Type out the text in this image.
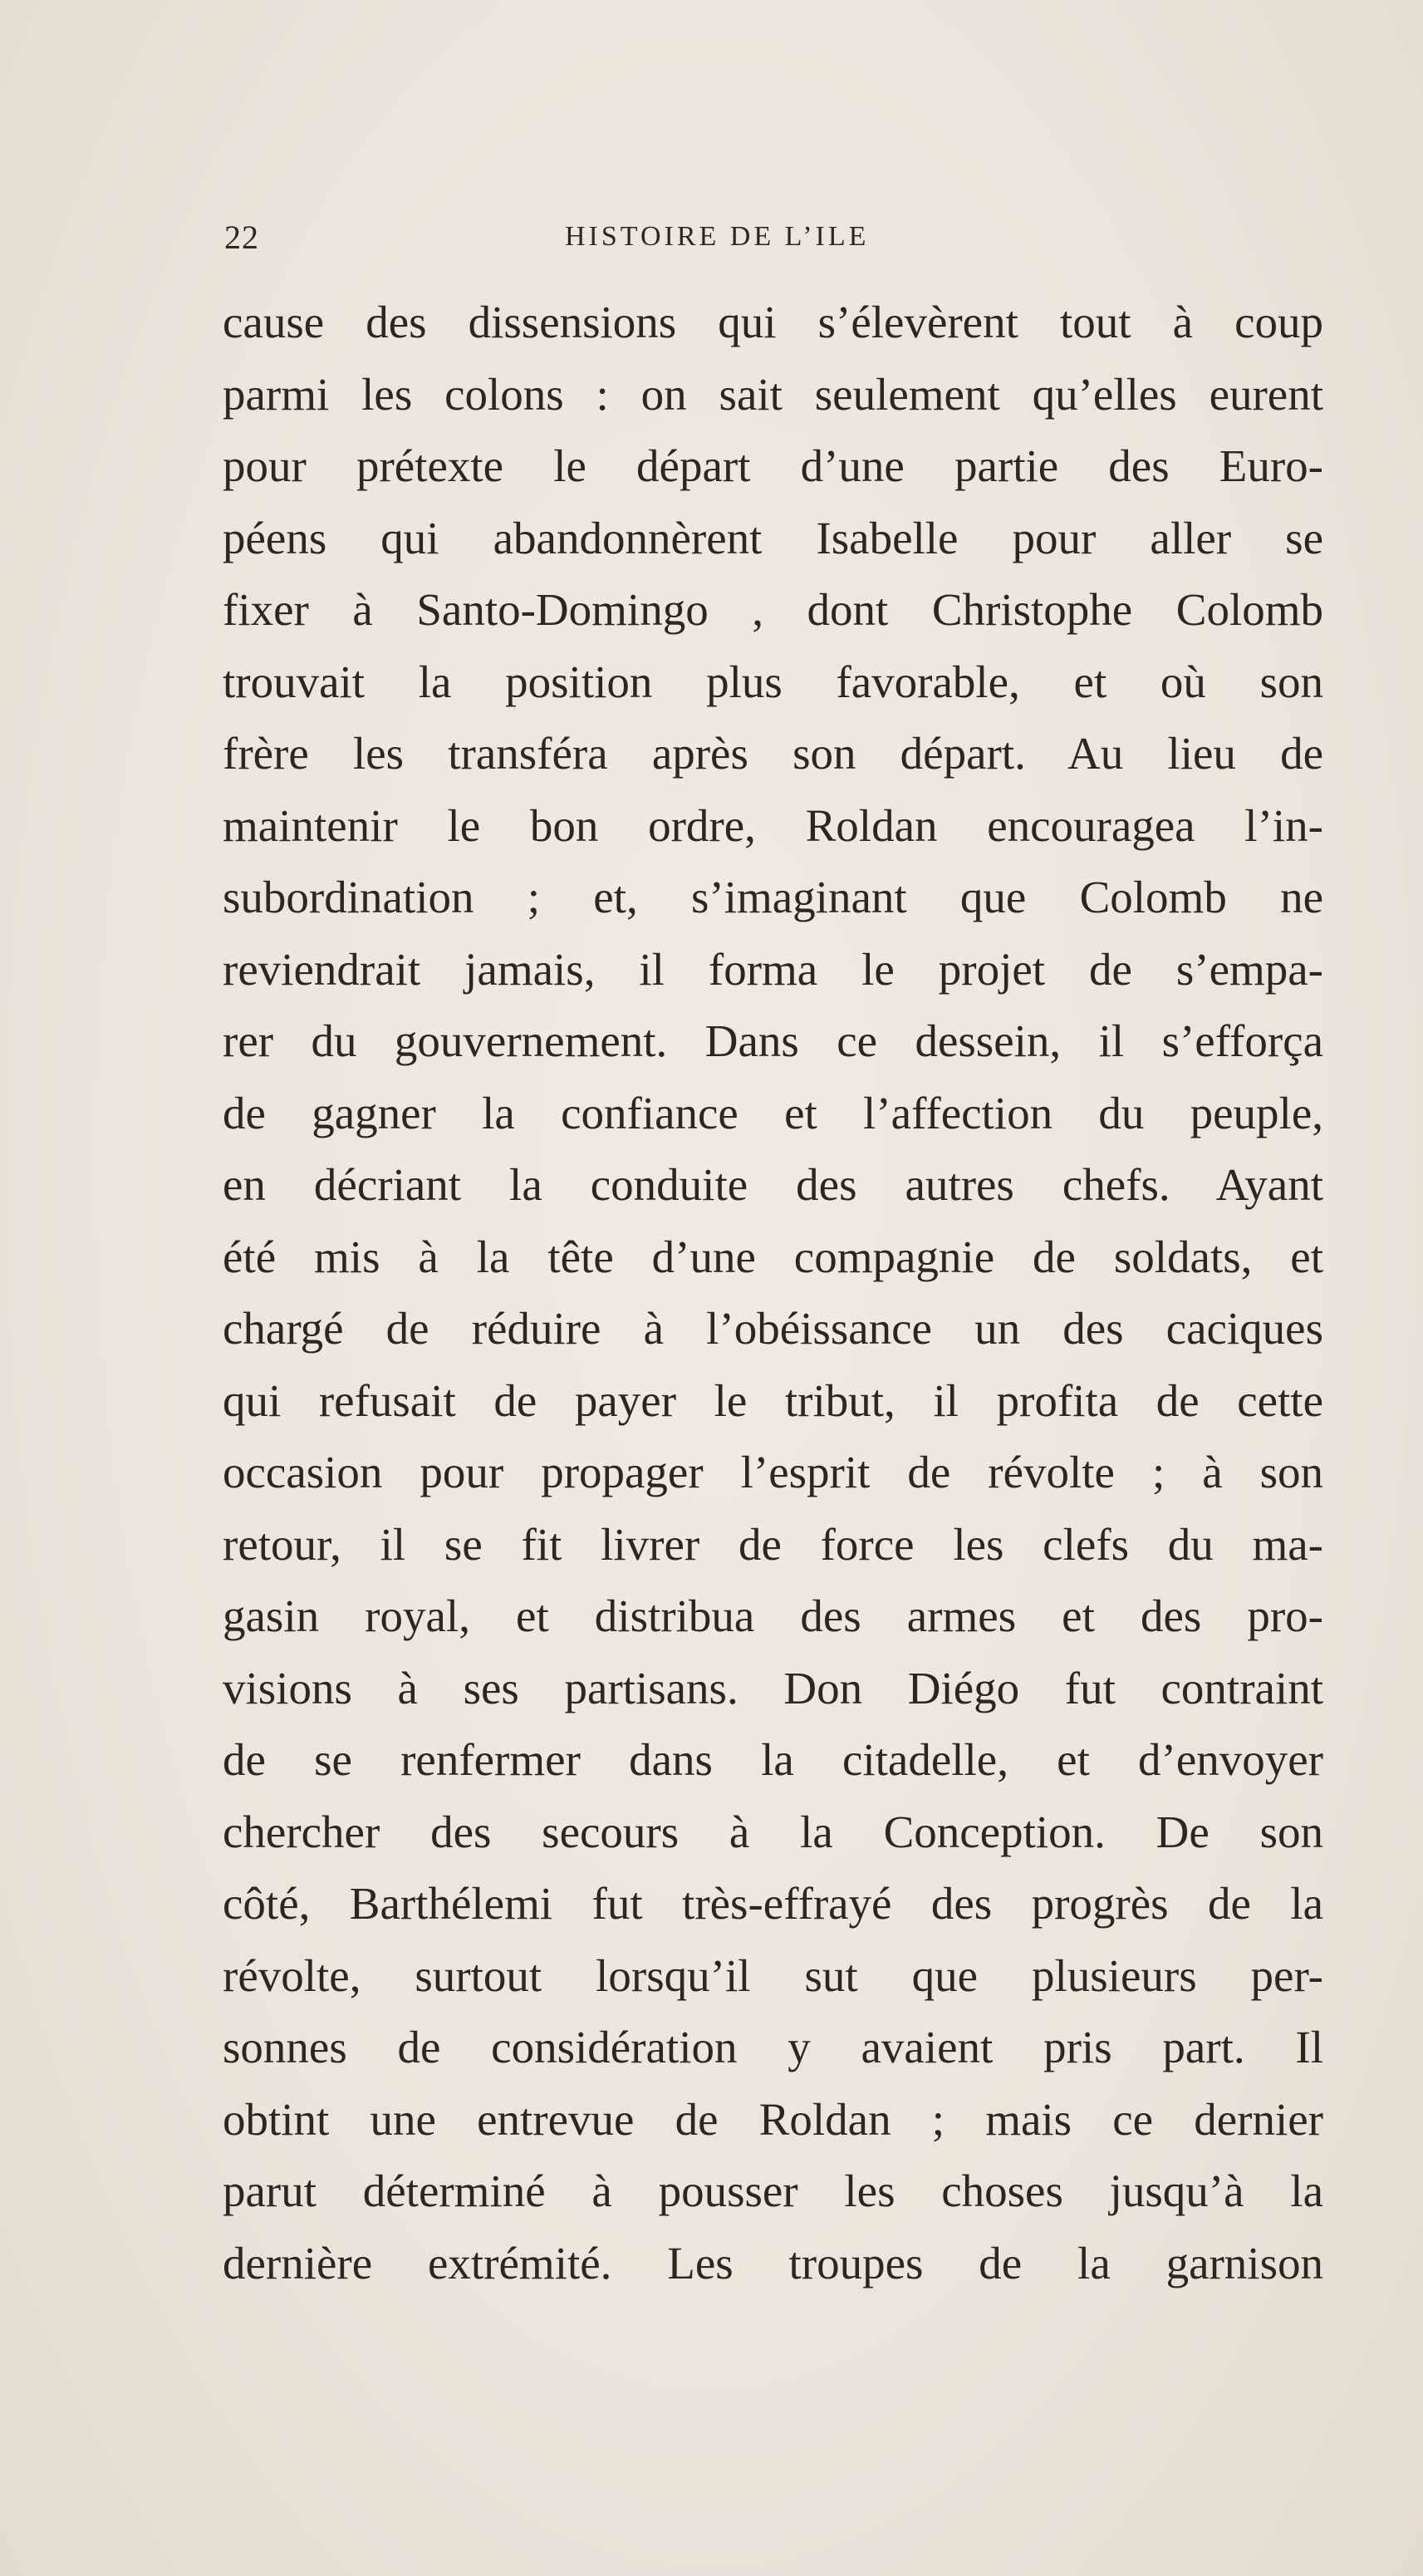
22	HISTOIRE DE L’ILE
cause des dissensions qui s’élevèrent tout à coup
parmi les colons : on sait seulement qu’elles eurent
pour prétexte le départ d’une partie des Euro-
péens qui abandonnèrent Isabelle pour aller se
fixer à Santo-Domingo , dont Christophe Colomb
trouvait la position plus favorable, et où son
frère les transféra après son départ. Au lieu de
maintenir le bon ordre, Roldan encouragea l’in-
subordination ; et, s’imaginant que Colomb ne
reviendrait jamais, il forma le projet de s’empa-
rer du gouvernement. Dans ce dessein, il s’efforça
de gagner la confiance et l’affection du peuple,
en décriant la conduite des autres chefs. Ayant
été mis à la tête d’une compagnie de soldats, et
chargé de réduire à l’obéissance un des caciques
qui refusait de payer le tribut, il profita de cette
occasion pour propager l’esprit de révolte ; à son
retour, il se fit livrer de force les clefs du ma-
gasin royal, et distribua des armes et des pro-
visions à ses partisans. Don Diégo fut contraint
de se renfermer dans la citadelle, et d’envoyer
chercher des secours à la Conception. De son
côté, Barthélemi fut très-effrayé des progrès de la
révolte, surtout lorsqu’il sut que plusieurs per-
sonnes de considération y avaient pris part. Il
obtint une entrevue de Roldan ; mais ce dernier
parut déterminé à pousser les choses jusqu’à la
dernière extrémité. Les troupes de la garnison
